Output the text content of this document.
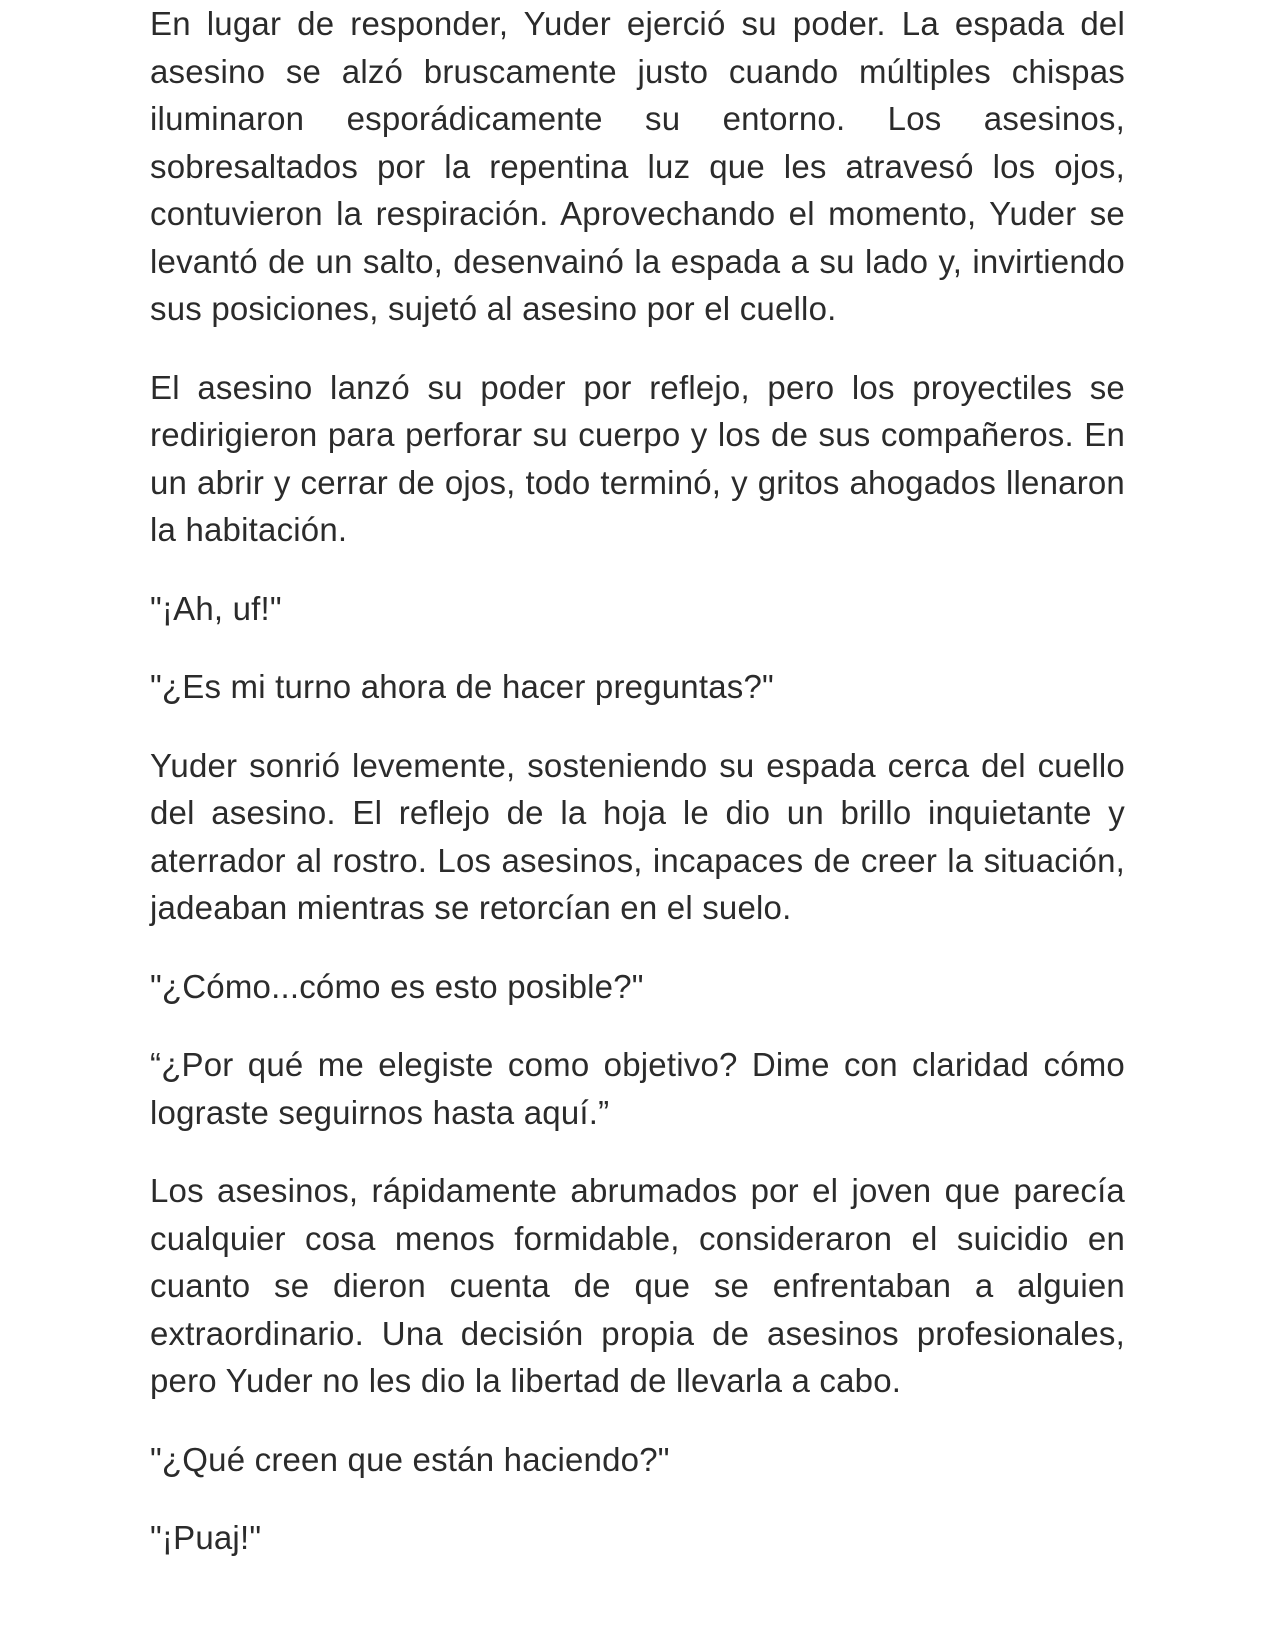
En lugar de responder, Yuder ejerció su poder. La espada del asesino se alzó bruscamente justo cuando múltiples chispas iluminaron esporádicamente su entorno. Los asesinos, sobresaltados por la repentina luz que les atravesó los ojos, contuvieron la respiración. Aprovechando el momento, Yuder se levantó de un salto, desenvainó la espada a su lado y, invirtiendo sus posiciones, sujetó al asesino por el cuello.

El asesino lanzó su poder por reflejo, pero los proyectiles se redirigieron para perforar su cuerpo y los de sus compañeros. En un abrir y cerrar de ojos, todo terminó, y gritos ahogados llenaron la habitación.

"¡Ah, uf!"

"¿Es mi turno ahora de hacer preguntas?"

Yuder sonrió levemente, sosteniendo su espada cerca del cuello del asesino. El reflejo de la hoja le dio un brillo inquietante y aterrador al rostro. Los asesinos, incapaces de creer la situación, jadeaban mientras se retorcían en el suelo.

"¿Cómo...cómo es esto posible?"

“¿Por qué me elegiste como objetivo? Dime con claridad cómo lograste seguirnos hasta aquí.”

Los asesinos, rápidamente abrumados por el joven que parecía cualquier cosa menos formidable, consideraron el suicidio en cuanto se dieron cuenta de que se enfrentaban a alguien extraordinario. Una decisión propia de asesinos profesionales, pero Yuder no les dio la libertad de llevarla a cabo.

"¿Qué creen que están haciendo?"

"¡Puaj!"
